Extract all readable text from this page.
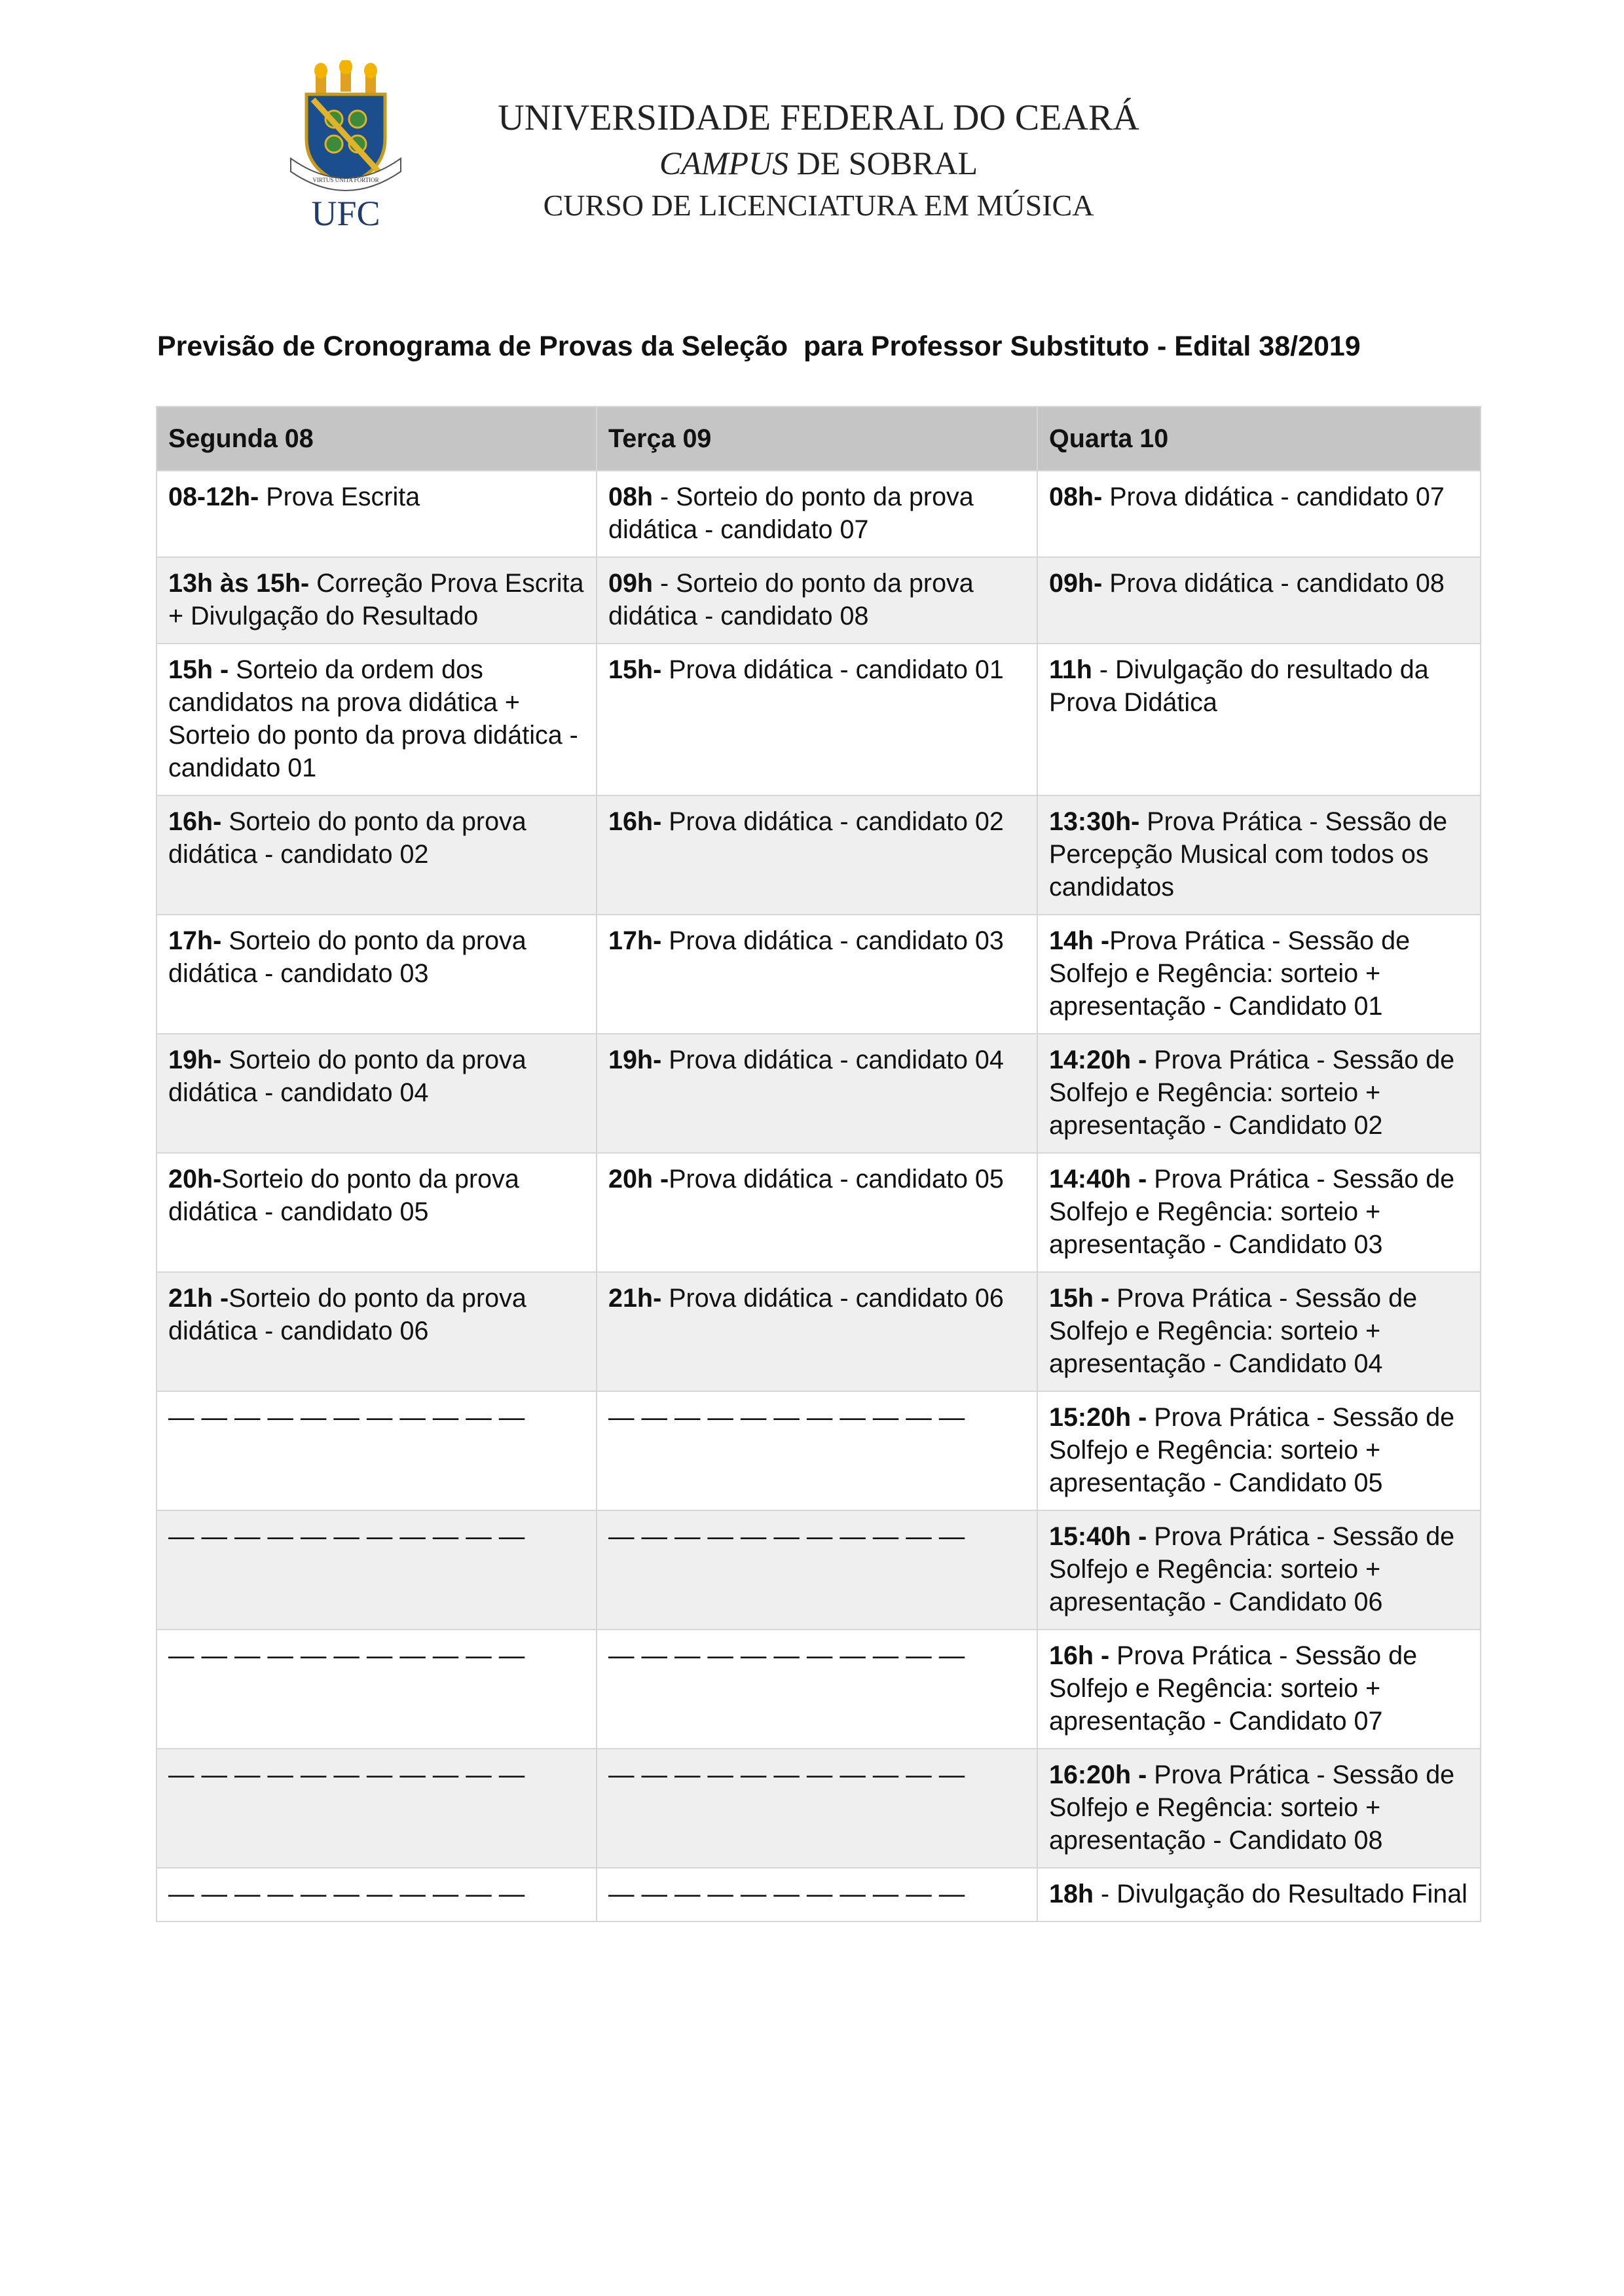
VIRTUS UNITA FORTIOR
UFC
UNIVERSIDADE FEDERAL DO CEARÁ
CAMPUS DE SOBRAL
CURSO DE LICENCIATURA EM MÚSICA
Previsão de Cronograma de Provas da Seleção  para Professor Substituto - Edital 38/2019
Segunda 08	Terça 09	Quarta 10
08-12h- Prova Escrita	08h - Sorteio do ponto da prova didática - candidato 07	08h- Prova didática - candidato 07
13h às 15h- Correção Prova Escrita + Divulgação do Resultado	09h - Sorteio do ponto da prova didática - candidato 08	09h- Prova didática - candidato 08
15h - Sorteio da ordem dos candidatos na prova didática + Sorteio do ponto da prova didática - candidato 01	15h- Prova didática - candidato 01	11h - Divulgação do resultado da Prova Didática
16h- Sorteio do ponto da prova didática - candidato 02	16h- Prova didática - candidato 02	13:30h- Prova Prática - Sessão de Percepção Musical com todos os candidatos
17h- Sorteio do ponto da prova didática - candidato 03	17h- Prova didática - candidato 03	14h -Prova Prática - Sessão de Solfejo e Regência: sorteio + apresentação - Candidato 01
19h- Sorteio do ponto da prova didática - candidato 04	19h- Prova didática - candidato 04	14:20h - Prova Prática - Sessão de Solfejo e Regência: sorteio + apresentação - Candidato 02
20h-Sorteio do ponto da prova didática - candidato 05	20h -Prova didática - candidato 05	14:40h - Prova Prática - Sessão de Solfejo e Regência: sorteio + apresentação - Candidato 03
21h -Sorteio do ponto da prova didática - candidato 06	21h- Prova didática - candidato 06	15h - Prova Prática - Sessão de Solfejo e Regência: sorteio + apresentação - Candidato 04
— — — — — — — — — — —	— — — — — — — — — — —	15:20h - Prova Prática - Sessão de Solfejo e Regência: sorteio + apresentação - Candidato 05
— — — — — — — — — — —	— — — — — — — — — — —	15:40h - Prova Prática - Sessão de Solfejo e Regência: sorteio + apresentação - Candidato 06
— — — — — — — — — — —	— — — — — — — — — — —	16h - Prova Prática - Sessão de Solfejo e Regência: sorteio + apresentação - Candidato 07
— — — — — — — — — — —	— — — — — — — — — — —	16:20h - Prova Prática - Sessão de Solfejo e Regência: sorteio + apresentação - Candidato 08
— — — — — — — — — — —	— — — — — — — — — — —	18h - Divulgação do Resultado Final
